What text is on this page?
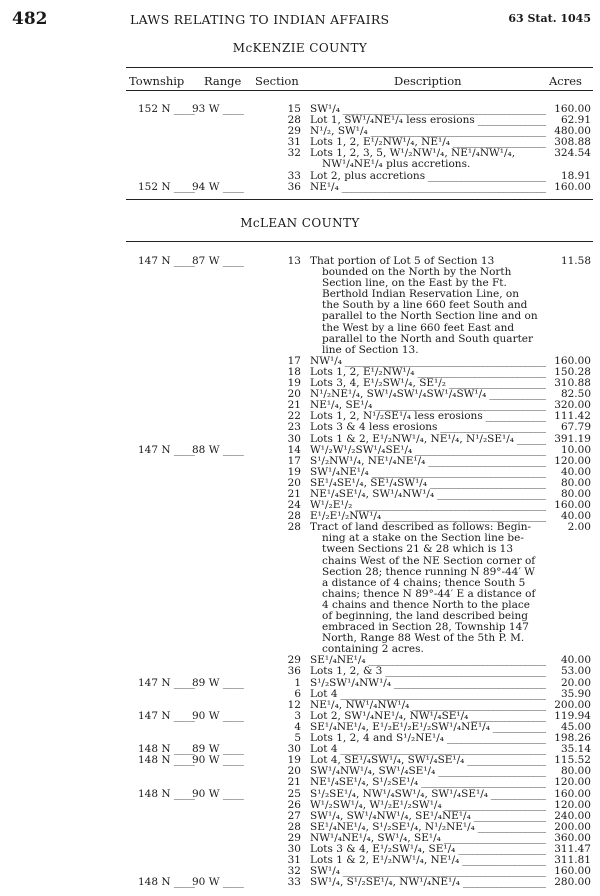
482	LAWS RELATING TO INDIAN AFFAIRS	63 Stat. 1045
McKENZIE COUNTY
Township Range Section	Description	Acres
152 N ____
93 W ____	15 SW¹/₄ _____	160.00
28 Lot 1, SW¹/₄NE¹/₄ less erosions _____	62.91
29 N¹/₂, SW¹/₄ _____	480.00
31 Lots 1, 2, E¹/₂NW¹/₄, NE¹/₄ _____	308.88
32 Lots 1, 2, 3, 5, W¹/₂NW¹/₄, NE¹/₄NW¹/₄,	324.54
NW¹/₄NE¹/₄ plus accretions.
33 Lot 2, plus accretions _____	18.91
152 N ____
94 W ____	36 NE¹/₄ _____	160.00
McLEAN COUNTY
147 N ____
87 W ____	13 That portion of Lot 5 of Section 13	11.58
bounded on the North by the North
Section line, on the East by the Ft.
Berthold Indian Reservation Line, on
the South by a line 660 feet South and
parallel to the North Section line and on
the West by a line 660 feet East and
parallel to the North and South quarter
line of Section 13.
17 NW¹/₄ _____	160.00
18 Lots 1, 2, E¹/₂NW¹/₄ _____	150.28
19 Lots 3, 4, E¹/₂SW¹/₄, SE¹/₂ _____	310.88
20 N¹/₂NE¹/₄, SW¹/₄SW¹/₄SW¹/₄SW¹/₄ _____	82.50
21 NE¹/₄, SE¹/₄ _____	320.00
22 Lots 1, 2, N¹/₂SE¹/₄ less erosions _____	111.42
23 Lots 3 & 4 less erosions _____	67.79
30 Lots 1 & 2, E¹/₂NW¹/₄, NE¹/₄, N¹/₂SE¹/₄ _____	391.19
147 N ____
88 W ____	14 W¹/₂W¹/₂SW¹/₄SE¹/₄ _____	10.00
17 S¹/₂NW¹/₄, NE¹/₄NE¹/₄ _____	120.00
19 SW¹/₄NE¹/₄ _____	40.00
20 SE¹/₄SE¹/₄, SE¹/₄SW¹/₄ _____	80.00
21 NE¹/₄SE¹/₄, SW¹/₄NW¹/₄ _____	80.00
24 W¹/₂E¹/₂ _____	160.00
28 E¹/₂E¹/₂NW¹/₄ _____	40.00
28 Tract of land described as follows: Begin-	2.00
ning at a stake on the Section line be-
tween Sections 21 & 28 which is 13
chains West of the NE Section corner of
Section 28; thence running N 89°-44′ W
a distance of 4 chains; thence South 5
chains; thence N 89°-44′ E a distance of
4 chains and thence North to the place
of beginning, the land described being
embraced in Section 28, Township 147
North, Range 88 West of the 5th P. M.
containing 2 acres.
29 SE¹/₄NE¹/₄ _____	40.00
36 Lots 1, 2, & 3 _____	53.00
147 N ____
89 W ____	1 S¹/₂SW¹/₄NW¹/₄ _____	20.00
6 Lot 4 _____	35.90
12 NE¹/₄, NW¹/₄NW¹/₄ _____	200.00
147 N ____
90 W ____	3 Lot 2, SW¹/₄NE¹/₄, NW¹/₄SE¹/₄ _____	119.94
4 SE¹/₄NE¹/₄, E¹/₂E¹/₂E¹/₂SW¹/₄NE¹/₄ _____	45.00
5 Lots 1, 2, 4 and S¹/₂NE¹/₄ _____	198.26
148 N ____
89 W ____	30 Lot 4 _____	35.14
148 N ____
90 W ____	19 Lot 4, SE¹/₄SW¹/₄, SW¹/₄SE¹/₄ _____	115.52
20 SW¹/₄NW¹/₄, SW¹/₄SE¹/₄ _____	80.00
21 NE¹/₄SE¹/₄, S¹/₂SE¹/₄ _____	120.00
148 N ____
90 W ____	25 S¹/₂SE¹/₄, NW¹/₄SW¹/₄, SW¹/₄SE¹/₄ _____	160.00
26 W¹/₂SW¹/₄, W¹/₂E¹/₂SW¹/₄ _____	120.00
27 SW¹/₄, SW¹/₄NW¹/₄, SE¹/₄NE¹/₄ _____	240.00
28 SE¹/₄NE¹/₄, S¹/₂SE¹/₄, N¹/₂NE¹/₄ _____	200.00
29 NW¹/₄NE¹/₄, SW¹/₄, SE¹/₄ _____	360.00
30 Lots 3 & 4, E¹/₂SW¹/₄, SE¹/₄ _____	311.47
31 Lots 1 & 2, E¹/₂NW¹/₄, NE¹/₄ _____	311.81
32 SW¹/₄ _____	160.00
148 N ____
90 W ____	33 SW¹/₄, S¹/₂SE¹/₄, NW¹/₄NE¹/₄ _____	280.00
